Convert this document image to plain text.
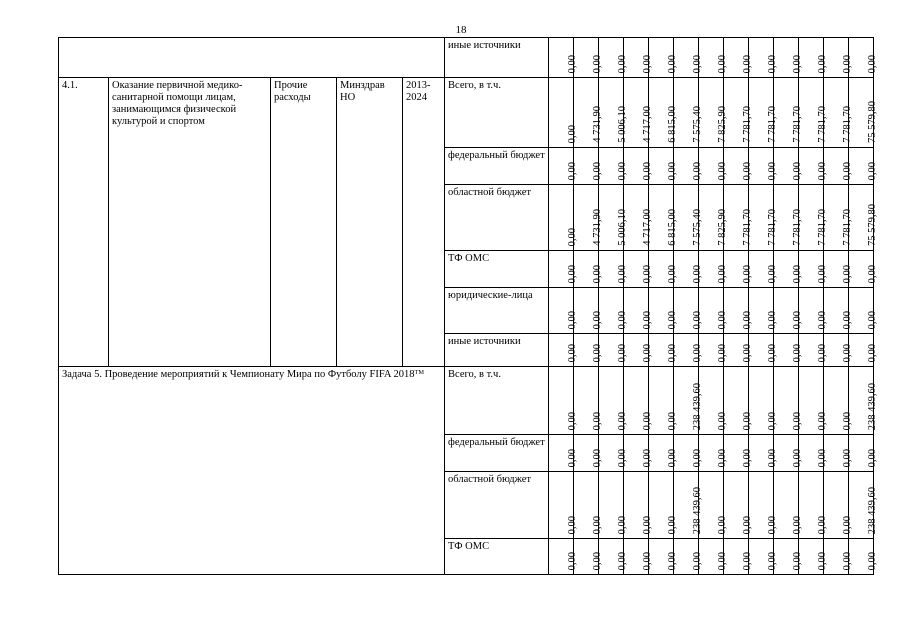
18
					иные источники	0,00	0,00	0,00	0,00	0,00	0,00	0,00	0,00	0,00	0,00	0,00	0,00	0,00

4.1.	Оказание первичной медико-санитарной помощи лицам, занимающимся физической культурой и спортом	Прочие расходы	Минздрав НО	2013-2024	Всего, в т.ч.	0,00	4 731,90	5 006,10	4 717,00	6 815,00	7 575,40	7 825,90	7 781,70	7 781,70	7 781,70	7 781,70	7 781,70	75 579,80

					федеральный бюджет	0,00	0,00	0,00	0,00	0,00	0,00	0,00	0,00	0,00	0,00	0,00	0,00	0,00

					областной бюджет	0,00	4 731,90	5 006,10	4 717,00	6 815,00	7 575,40	7 825,90	7 781,70	7 781,70	7 781,70	7 781,70	7 781,70	75 579,80

					ТФ ОМС	0,00	0,00	0,00	0,00	0,00	0,00	0,00	0,00	0,00	0,00	0,00	0,00	0,00

					юридические-лица	0,00	0,00	0,00	0,00	0,00	0,00	0,00	0,00	0,00	0,00	0,00	0,00	0,00

					иные источники	0,00	0,00	0,00	0,00	0,00	0,00	0,00	0,00	0,00	0,00	0,00	0,00	0,00

Задача 5. Проведение мероприятий к Чемпионату Мира по Футболу FIFA 2018ᵀᴹ					Всего, в т.ч.	0,00	0,00	0,00	0,00	0,00	238 439,60	0,00	0,00	0,00	0,00	0,00	0,00	238 439,60

					федеральный бюджет	0,00	0,00	0,00	0,00	0,00	0,00	0,00	0,00	0,00	0,00	0,00	0,00	0,00

					областной бюджет	0,00	0,00	0,00	0,00	0,00	238 439,60	0,00	0,00	0,00	0,00	0,00	0,00	238 439,60

					ТФ ОМС	0,00	0,00	0,00	0,00	0,00	0,00	0,00	0,00	0,00	0,00	0,00	0,00	0,00
